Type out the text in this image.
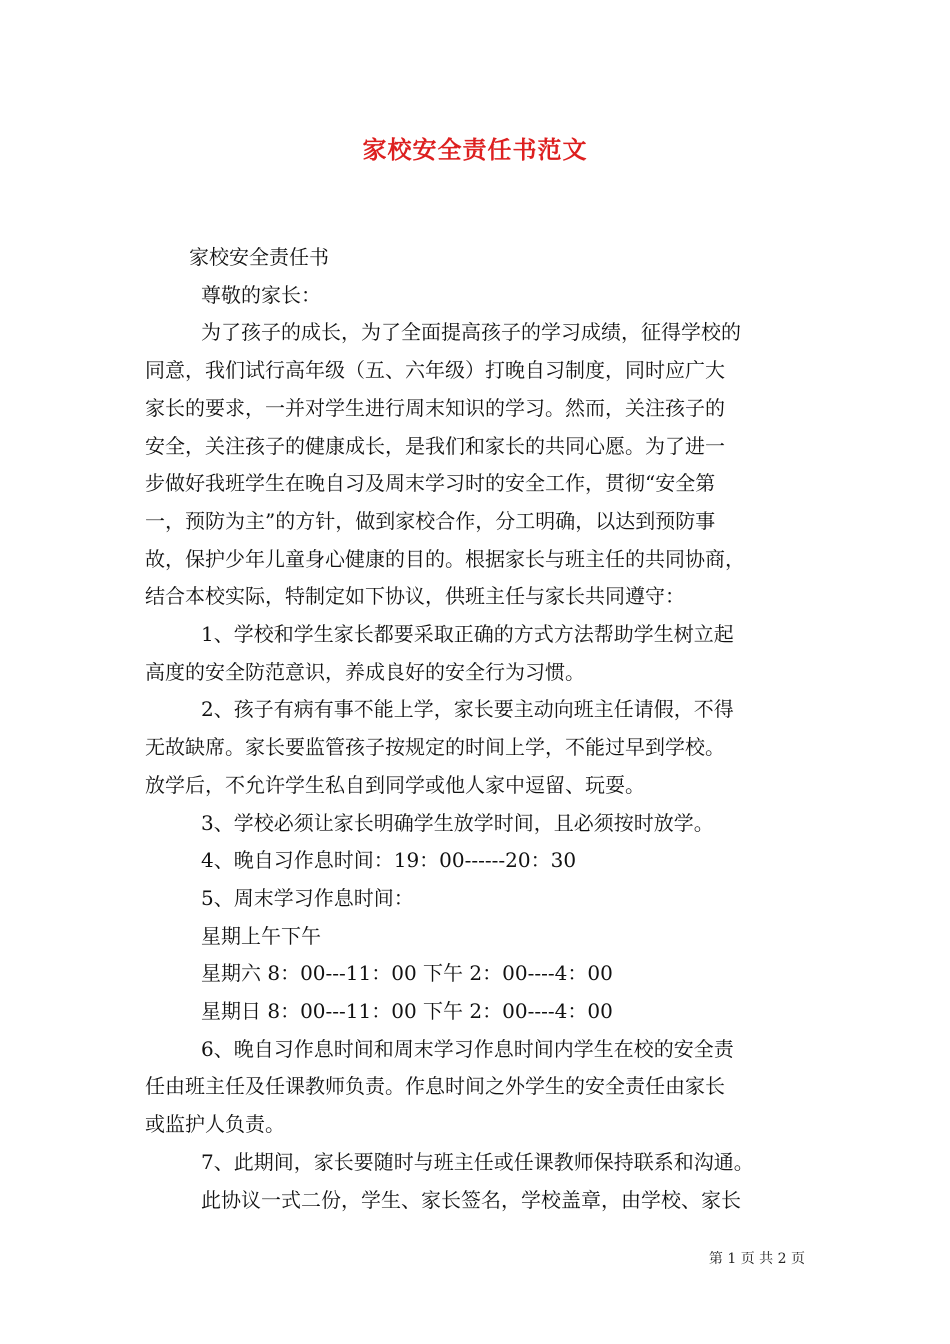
家校安全责任书范文
家校安全责任书
尊敬的家长：
为了孩子的成长，为了全面提高孩子的学习成绩，征得学校的
同意，我们试行高年级（五、六年级）打晚自习制度，同时应广大
家长的要求，一并对学生进行周末知识的学习。然而，关注孩子的
安全，关注孩子的健康成长，是我们和家长的共同心愿。为了进一
步做好我班学生在晚自习及周末学习时的安全工作，贯彻“安全第
一，预防为主”的方针，做到家校合作，分工明确，以达到预防事
故，保护少年儿童身心健康的目的。根据家长与班主任的共同协商，
结合本校实际，特制定如下协议，供班主任与家长共同遵守：
1、学校和学生家长都要采取正确的方式方法帮助学生树立起
高度的安全防范意识，养成良好的安全行为习惯。
2、孩子有病有事不能上学，家长要主动向班主任请假，不得
无故缺席。家长要监管孩子按规定的时间上学，不能过早到学校。
放学后，不允许学生私自到同学或他人家中逗留、玩耍。
3、学校必须让家长明确学生放学时间，且必须按时放学。
4、晚自习作息时间：19：00------20：30
5、周末学习作息时间：
星期上午下午
星期六 8：00---11：00 下午 2：00----4：00
星期日 8：00---11：00 下午 2：00----4：00
6、晚自习作息时间和周末学习作息时间内学生在校的安全责
任由班主任及任课教师负责。作息时间之外学生的安全责任由家长
或监护人负责。
7、此期间，家长要随时与班主任或任课教师保持联系和沟通。
此协议一式二份，学生、家长签名，学校盖章，由学校、家长
第 1 页 共 2 页
